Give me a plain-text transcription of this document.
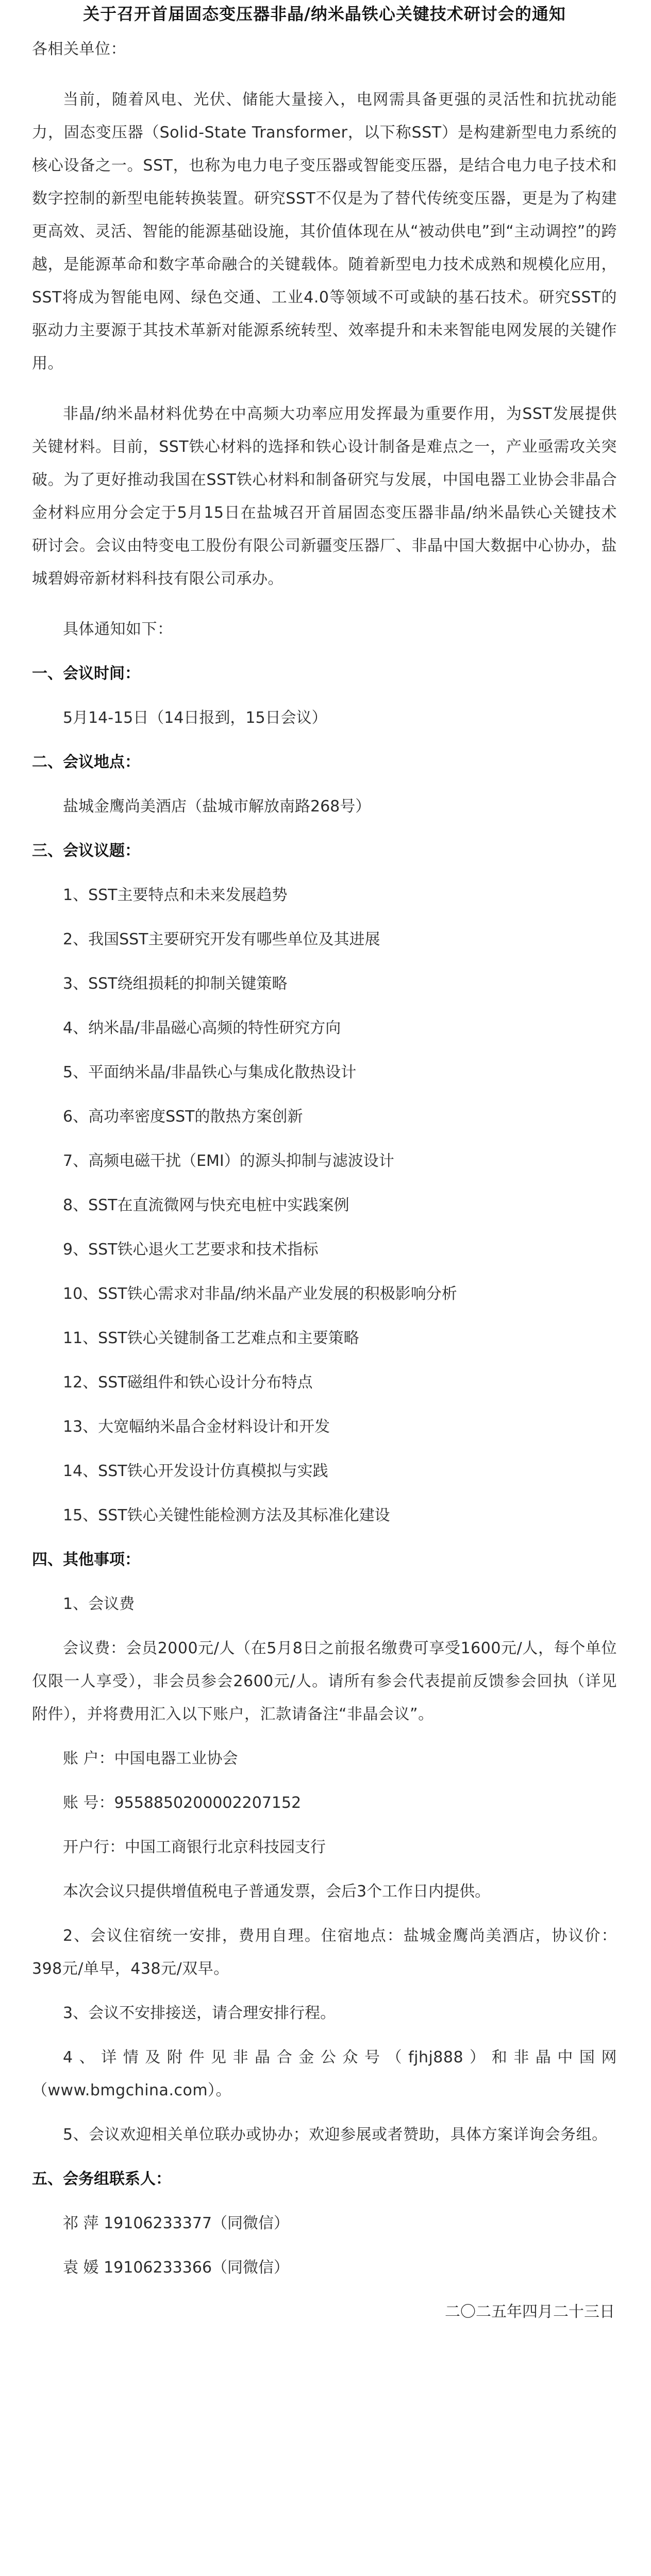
关于召开首届固态变压器非晶/纳米晶铁心关键技术研讨会的通知

各相关单位：

当前，随着风电、光伏、储能大量接入，电网需具备更强的灵活性和抗扰动能力，固态变压器（Solid-State Transformer，以下称SST）是构建新型电力系统的核心设备之一。SST，也称为电力电子变压器或智能变压器，是结合电力电子技术和数字控制的新型电能转换装置。研究SST不仅是为了替代传统变压器，更是为了构建更高效、灵活、智能的能源基础设施，其价值体现在从“被动供电”到“主动调控”的跨越，是能源革命和数字革命融合的关键载体。随着新型电力技术成熟和规模化应用，SST将成为智能电网、绿色交通、工业4.0等领域不可或缺的基石技术。研究SST的驱动力主要源于其技术革新对能源系统转型、效率提升和未来智能电网发展的关键作用。

非晶/纳米晶材料优势在中高频大功率应用发挥最为重要作用，为SST发展提供关键材料。目前，SST铁心材料的选择和铁心设计制备是难点之一，产业亟需攻关突破。为了更好推动我国在SST铁心材料和制备研究与发展，中国电器工业协会非晶合金材料应用分会定于5月15日在盐城召开首届固态变压器非晶/纳米晶铁心关键技术研讨会。会议由特变电工股份有限公司新疆变压器厂、非晶中国大数据中心协办，盐城碧姆帝新材料科技有限公司承办。

具体通知如下：

一、会议时间：

5月14-15日（14日报到，15日会议）

二、会议地点：

盐城金鹰尚美酒店（盐城市解放南路268号）

三、会议议题：

1、SST主要特点和未来发展趋势

2、我国SST主要研究开发有哪些单位及其进展

3、SST绕组损耗的抑制关键策略

4、纳米晶/非晶磁心高频的特性研究方向

5、平面纳米晶/非晶铁心与集成化散热设计

6、高功率密度SST的散热方案创新

7、高频电磁干扰（EMI）的源头抑制与滤波设计

8、SST在直流微网与快充电桩中实践案例

9、SST铁心退火工艺要求和技术指标

10、SST铁心需求对非晶/纳米晶产业发展的积极影响分析

11、SST铁心关键制备工艺难点和主要策略

12、SST磁组件和铁心设计分布特点

13、大宽幅纳米晶合金材料设计和开发

14、SST铁心开发设计仿真模拟与实践

15、SST铁心关键性能检测方法及其标准化建设

四、其他事项：

1、会议费

会议费：会员2000元/人（在5月8日之前报名缴费可享受1600元/人，每个单位仅限一人享受），非会员参会2600元/人。请所有参会代表提前反馈参会回执（详见附件），并将费用汇入以下账户，汇款请备注“非晶会议”。

账 户：中国电器工业协会

账 号：9558850200002207152

开户行：中国工商银行北京科技园支行

本次会议只提供增值税电子普通发票，会后3个工作日内提供。

2、会议住宿统一安排，费用自理。住宿地点：盐城金鹰尚美酒店，协议价：398元/单早，438元/双早。

3、会议不安排接送，请合理安排行程。

4、详情及附件见非晶合金公众号（fjhj888）和非晶中国网（www.bmgchina.com）。

5、会议欢迎相关单位联办或协办；欢迎参展或者赞助，具体方案详询会务组。

五、会务组联系人：

祁 萍 19106233377（同微信）

袁 媛 19106233366（同微信）

二〇二五年四月二十三日
